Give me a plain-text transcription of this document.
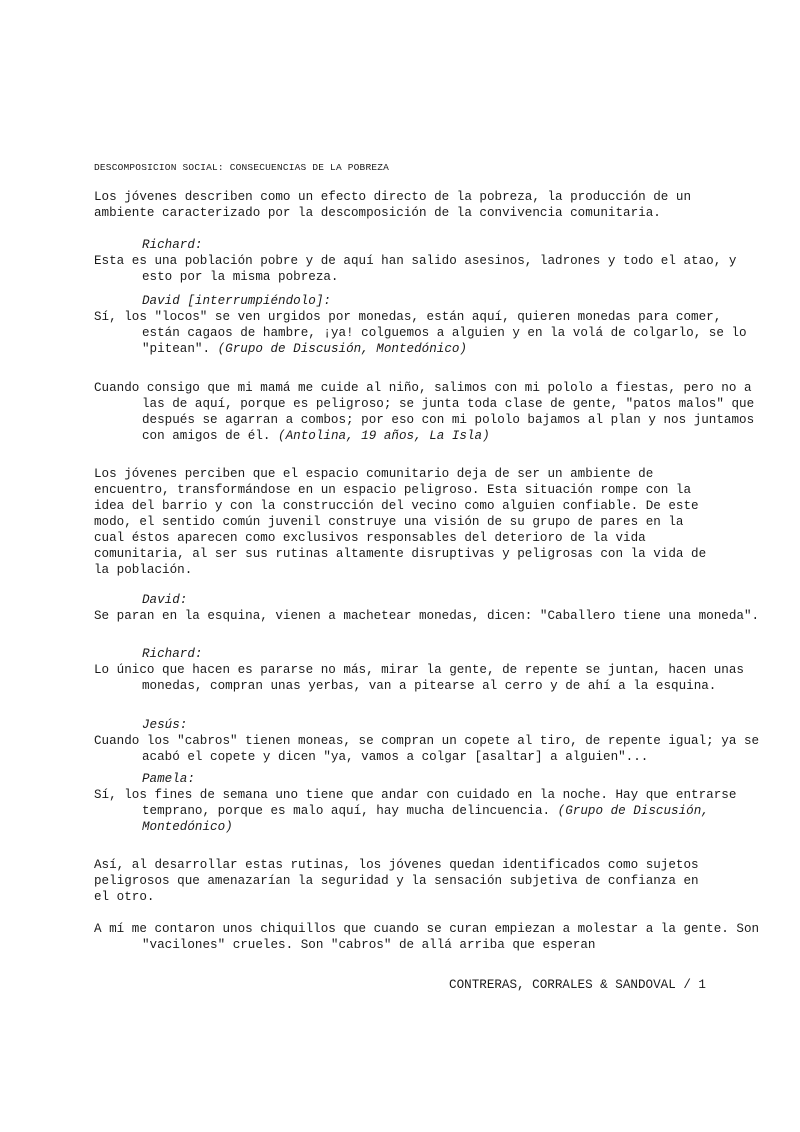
DESCOMPOSICION SOCIAL: CONSECUENCIAS DE LA POBREZA

Los jóvenes describen como un efecto directo de la pobreza, la producción de un ambiente caracterizado por la descomposición de la convivencia comunitaria.

Richard:

Esta es una población pobre y de aquí han salido asesinos, ladrones y todo el atao, y esto por la misma pobreza.

David [interrumpiéndolo]:

Sí, los "locos" se ven urgidos por monedas, están aquí, quieren monedas para comer, están cagaos de hambre, ¡ya! colguemos a alguien y en la volá de colgarlo, se lo "pitean". (Grupo de Discusión, Montedónico)

Cuando consigo que mi mamá me cuide al niño, salimos con mi pololo a fiestas, pero no a las de aquí, porque es peligroso; se junta toda clase de gente, "patos malos" que después se agarran a combos; por eso con mi pololo bajamos al plan y nos juntamos con amigos de él. (Antolina, 19 años, La Isla)

Los jóvenes perciben que el espacio comunitario deja de ser un ambiente de encuentro, transformándose en un espacio peligroso. Esta situación rompe con la idea del barrio y con la construcción del vecino como alguien confiable. De este modo, el sentido común juvenil construye una visión de su grupo de pares en la cual éstos aparecen como exclusivos responsables del deterioro de la vida comunitaria, al ser sus rutinas altamente disruptivas y peligrosas con la vida de la población.

David:

Se paran en la esquina, vienen a machetear monedas, dicen: "Caballero tiene una moneda".

Richard:

Lo único que hacen es pararse no más, mirar la gente, de repente se juntan, hacen unas monedas, compran unas yerbas, van a pitearse al cerro y de ahí a la esquina.

Jesús:

Cuando los "cabros" tienen moneas, se compran un copete al tiro, de repente igual; ya se acabó el copete y dicen "ya, vamos a colgar [asaltar] a alguien"...

Pamela:

Sí, los fines de semana uno tiene que andar con cuidado en la noche. Hay que entrarse temprano, porque es malo aquí, hay mucha delincuencia. (Grupo de Discusión, Montedónico)

Así, al desarrollar estas rutinas, los jóvenes quedan identificados como sujetos peligrosos que amenazarían la seguridad y la sensación subjetiva de confianza en el otro.

A mí me contaron unos chiquillos que cuando se curan empiezan a molestar a la gente. Son "vacilones" crueles. Son "cabros" de allá arriba que esperan

CONTRERAS, CORRALES & SANDOVAL / 1
